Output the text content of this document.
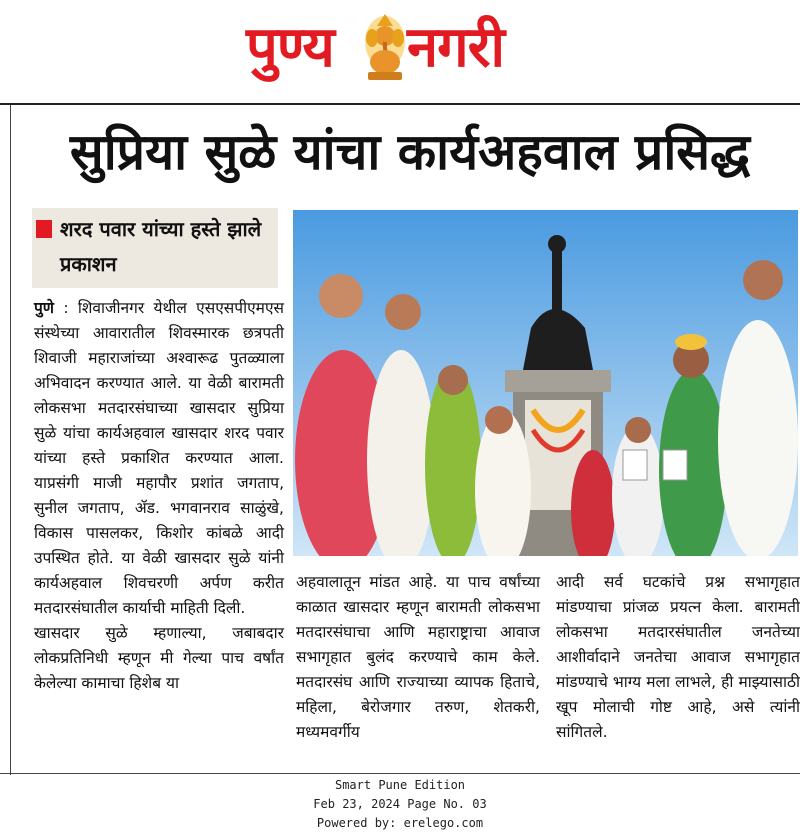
पुण्य नगरी
सुप्रिया सुळे यांचा कार्यअहवाल प्रसिद्ध
शरद पवार यांच्या हस्ते झाले प्रकाशन
पुणे : शिवाजीनगर येथील एसएसपीएमएस संस्थेच्या आवारातील शिवस्मारक छत्रपती शिवाजी महाराजांच्या अश्वारूढ पुतळ्याला अभिवादन करण्यात आले. या वेळी बारामती लोकसभा मतदारसंघाच्या खासदार सुप्रिया सुळे यांचा कार्यअहवाल खासदार शरद पवार यांच्या हस्ते प्रकाशित करण्यात आला. याप्रसंगी माजी महापौर प्रशांत जगताप, सुनील जगताप, ॲड. भगवानराव साळुंखे, विकास पासलकर, किशोर कांबळे आदी उपस्थित होते. या वेळी खासदार सुळे यांनी कार्यअहवाल शिवचरणी अर्पण करीत मतदारसंघातील कार्याची माहिती दिली.
खासदार सुळे म्हणाल्या, जबाबदार लोकप्रतिनिधी म्हणून मी गेल्या पाच वर्षांत केलेल्या कामाचा हिशेब या
अहवालातून मांडत आहे. या पाच वर्षांच्या काळात खासदार म्हणून बारामती लोकसभा मतदारसंघाचा आणि महाराष्ट्राचा आवाज सभागृहात बुलंद करण्याचे काम केले. मतदारसंघ आणि राज्याच्या व्यापक हिताचे, महिला, बेरोजगार तरुण, शेतकरी, मध्यमवर्गीय
आदी सर्व घटकांचे प्रश्न सभागृहात मांडण्याचा प्रांजळ प्रयत्न केला. बारामती लोकसभा मतदारसंघातील जनतेच्या आशीर्वादाने जनतेचा आवाज सभागृहात मांडण्याचे भाग्य मला लाभले, ही माझ्यासाठी खूप मोलाची गोष्ट आहे, असे त्यांनी सांगितले.
Smart Pune Edition
Feb 23, 2024 Page No. 03
Powered by: erelego.com
